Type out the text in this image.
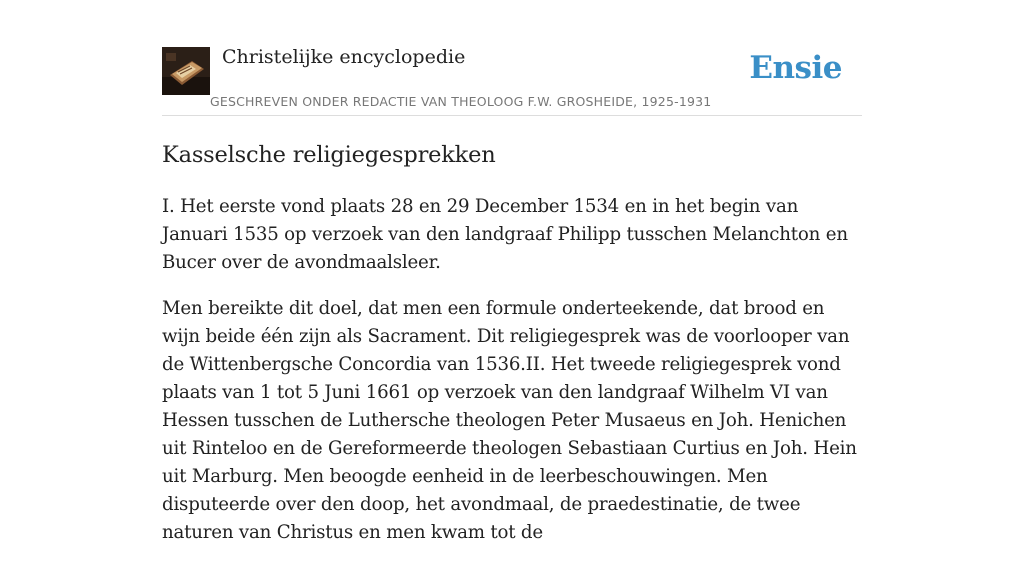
Christelijke encyclopedie
GESCHREVEN ONDER REDACTIE VAN THEOLOOG F.W. GROSHEIDE, 1925-1931
Ensie
Kasselsche religiegesprekken

I. Het eerste vond plaats 28 en 29 December 1534 en in het begin van Januari 1535 op verzoek van den landgraaf Philipp tusschen Melanchton en Bucer over de avondmaalsleer.

Men bereikte dit doel, dat men een formule onderteekende, dat brood en wijn beide één zijn als Sacrament. Dit religiegesprek was de voorlooper van de Wittenbergsche Concordia van 1536.II. Het tweede religiegesprek vond plaats van 1 tot 5 Juni 1661 op verzoek van den landgraaf Wilhelm VI van Hessen tusschen de Luthersche theologen Peter Musaeus en Joh. Henichen uit Rinteloo en de Gereformeerde theologen Sebastiaan Curtius en Joh. Hein uit Marburg. Men beoogde eenheid in de leerbeschouwingen. Men disputeerde over den doop, het avondmaal, de praedestinatie, de twee naturen van Christus en men kwam tot de
